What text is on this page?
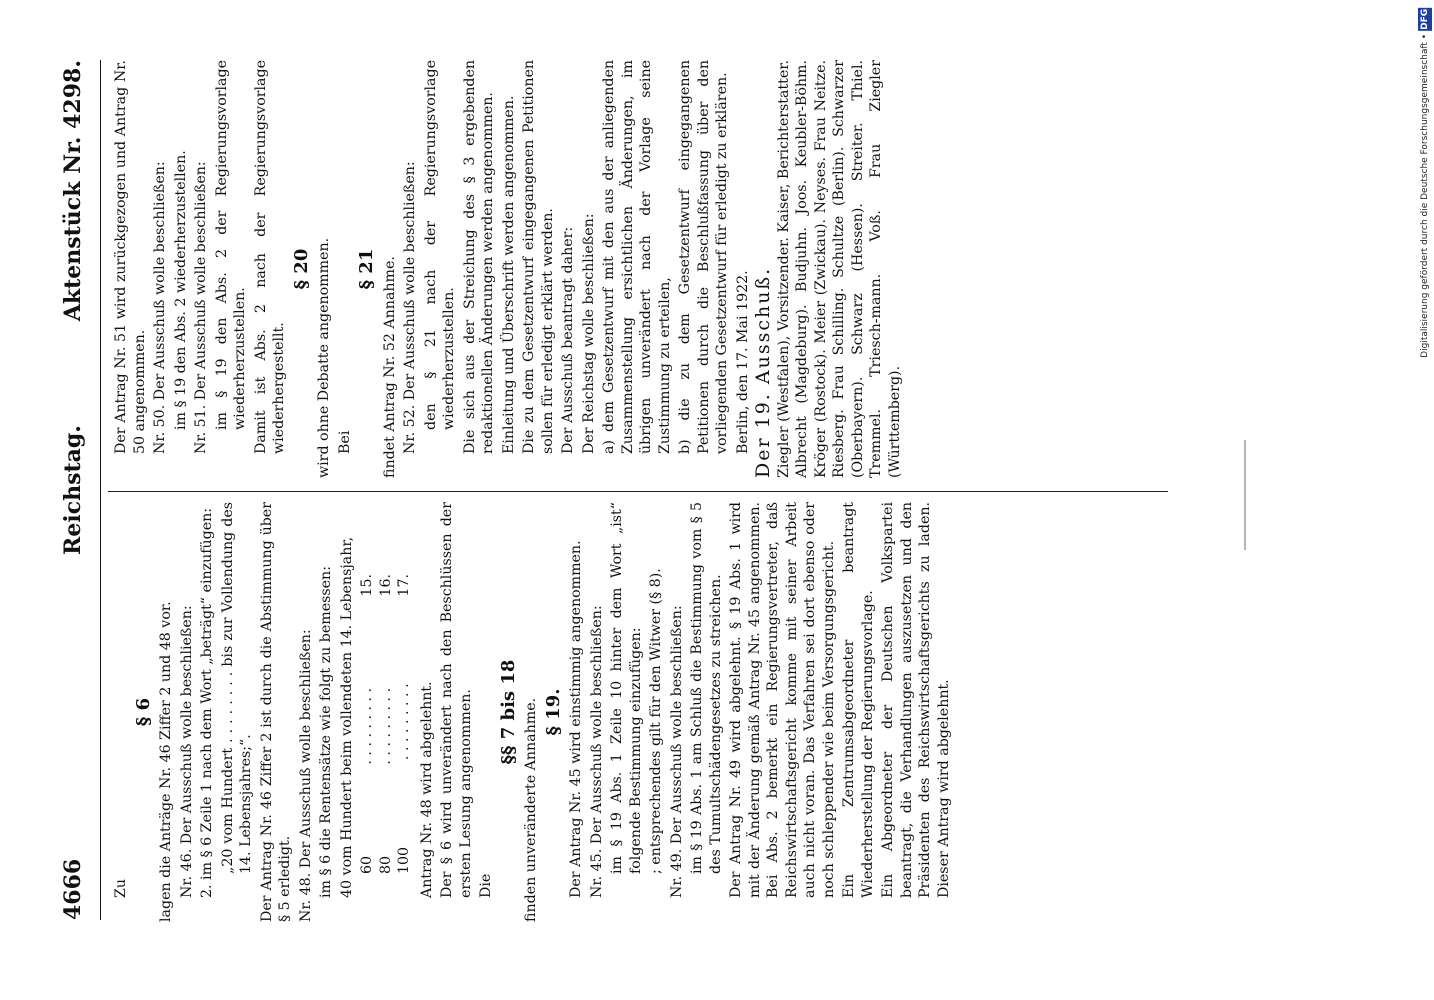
4666
Reichstag.
Aktenstück Nr. 4298.

Zu

§ 6 lagen die Anträge Nr. 46 Ziffer 2 und 48 vor. Nr. 46. Der Ausschuß wolle beschließen: 2. im § 6 Zeile 1 nach dem Wort „beträgt“ einzufügen: „20 vom Hundert . . . . . . . . bis zur Vollendung des 14. Lebensjahres;“. Der Antrag Nr. 46 Ziffer 2 ist durch die Abstimmung über § 5 erledigt. Nr. 48. Der Ausschuß wolle beschließen: im § 6 die Rentensätze wie folgt zu bemessen: 40 vom Hundert beim vollendeten 14. Lebensjahr, 60
. . . . . . . . .
15.
80
. . . . . . . . .
16.
100
. . . . . . . . .
17.

Antrag Nr. 48 wird abgelehnt. Der § 6 wird unverändert nach den Beschlüssen der ersten Lesung angenommen. Die

§§ 7 bis 18 finden unveränderte Annahme. § 19. Der Antrag Nr. 45 wird einstimmig angenommen. Nr. 45. Der Ausschuß wolle beschließen: im § 19 Abs. 1 Zeile 10 hinter dem Wort „ist“ folgende Bestimmung einzufügen: ; entsprechendes gilt für den Witwer (§ 8). Nr. 49. Der Ausschuß wolle beschließen: im § 19 Abs. 1 am Schluß die Bestimmung vom § 5 des Tumultschädengesetzes zu streichen. Der Antrag Nr. 49 wird abgelehnt. § 19 Abs. 1 wird mit der Änderung gemäß Antrag Nr. 45 angenommen. Bei Abs. 2 bemerkt ein Regierungsvertreter, daß Reichswirtschaftsgericht komme mit seiner Arbeit auch nicht voran. Das Verfahren sei dort ebenso oder noch schleppender wie beim Versorgungsgericht. Ein Zentrumsabgeordneter beantragt Wiederherstellung der Regierungsvorlage. Ein Abgeordneter der Deutschen Volkspartei beantragt, die Verhandlungen auszusetzen und den Präsidenten des Reichswirtschaftsgerichts zu laden. Dieser Antrag wird abgelehnt.

Der Antrag Nr. 51 wird zurückgezogen und Antrag Nr. 50 angenommen. Nr. 50. Der Ausschuß wolle beschließen: im § 19 den Abs. 2 wiederherzustellen. Nr. 51. Der Ausschuß wolle beschließen: im § 19 den Abs. 2 der Regierungsvorlage wiederherzustellen. Damit ist Abs. 2 nach der Regierungsvorlage wiederhergestellt.

§ 20 wird ohne Debatte angenommen. Bei

§ 21 findet Antrag Nr. 52 Annahme. Nr. 52. Der Ausschuß wolle beschließen: den § 21 nach der Regierungsvorlage wiederherzustellen. Die sich aus der Streichung des § 3 ergebenden redaktionellen Änderungen werden angenommen. Einleitung und Überschrift werden angenommen. Die zu dem Gesetzentwurf eingegangenen Petitionen sollen für erledigt erklärt werden. Der Ausschuß beantragt daher: Der Reichstag wolle beschließen: a) dem Gesetzentwurf mit den aus der anliegenden Zusammenstellung ersichtlichen Änderungen, im übrigen unverändert nach der Vorlage seine Zustimmung zu erteilen, b) die zu dem Gesetzentwurf eingegangenen Petitionen durch die Beschlußfassung über den vorliegenden Gesetzentwurf für erledigt zu erklären. Berlin, den 17. Mai 1922. Der 19. Ausschuß. Ziegler (Westfalen), Vorsitzender. Kaiser, Berichterstatter. Albrecht (Magdeburg). Budjuhn. Joos. Keubler-Böhm. Kröger (Rostock). Meier (Zwickau). Neyses. Frau Neitze. Riesberg. Frau Schilling. Schultze (Berlin). Schwarzer (Oberbayern). Schwarz (Hessen). Streiter. Thiel. Tremmel. Triesch-mann. Voß. Frau Ziegler (Württemberg).

Digitalisierung gefördert durch die Deutsche Forschungsgemeinschaft • DFG
